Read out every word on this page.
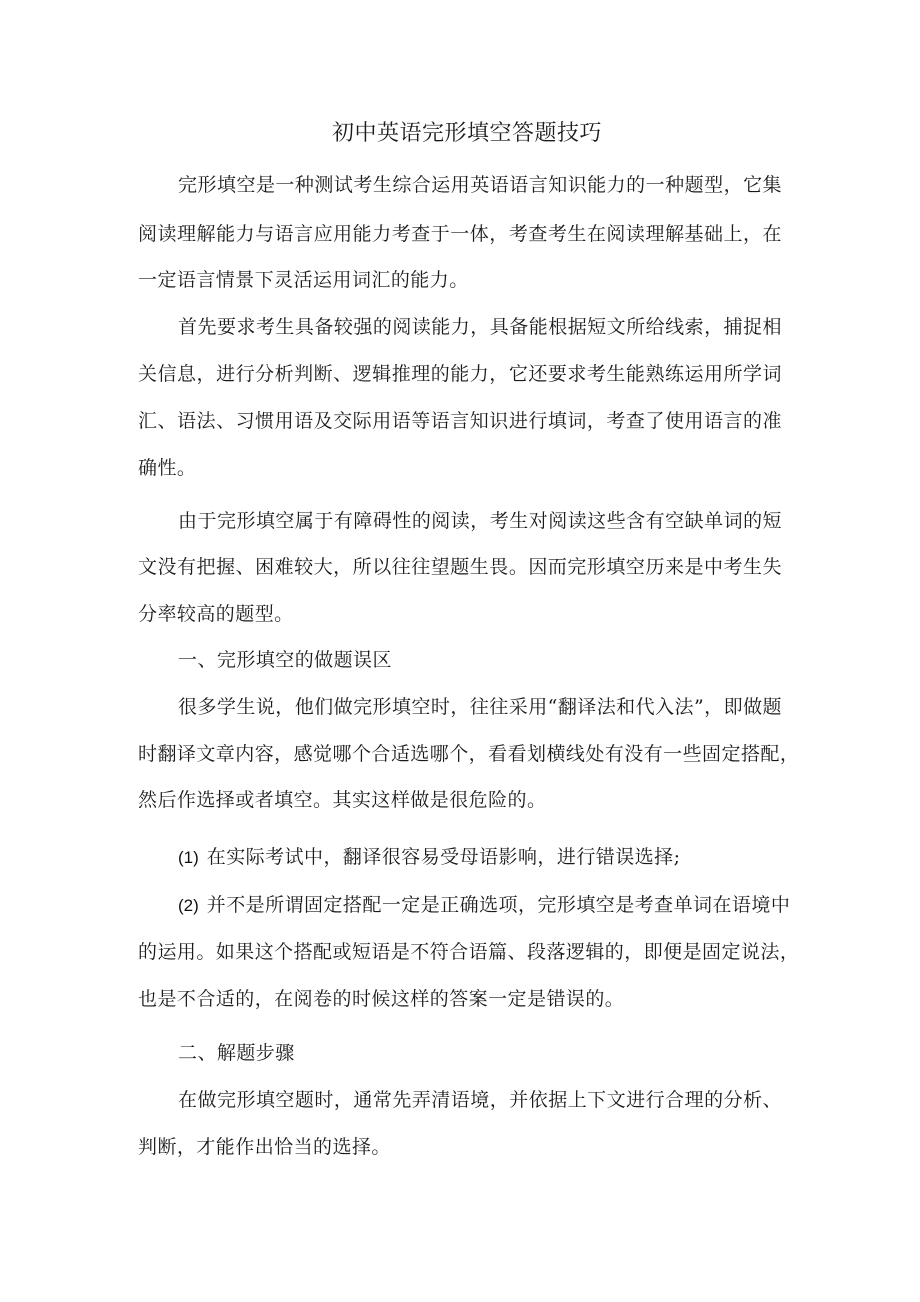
初中英语完形填空答题技巧
完形填空是一种测试考生综合运用英语语言知识能力的一种题型，它集
阅读理解能力与语言应用能力考查于一体，考查考生在阅读理解基础上，在
一定语言情景下灵活运用词汇的能力。
首先要求考生具备较强的阅读能力，具备能根据短文所给线索，捕捉相
关信息，进行分析判断、逻辑推理的能力，它还要求考生能熟练运用所学词
汇、语法、习惯用语及交际用语等语言知识进行填词，考查了使用语言的准
确性。
由于完形填空属于有障碍性的阅读，考生对阅读这些含有空缺单词的短
文没有把握、困难较大，所以往往望题生畏。因而完形填空历来是中考生失
分率较高的题型。
一、完形填空的做题误区
很多学生说，他们做完形填空时，往往采用“翻译法和代入法”，即做题
时翻译文章内容，感觉哪个合适选哪个，看看划横线处有没有一些固定搭配，
然后作选择或者填空。其实这样做是很危险的。
(1) 在实际考试中，翻译很容易受母语影响，进行错误选择;
(2) 并不是所谓固定搭配一定是正确选项，完形填空是考查单词在语境中
的运用。如果这个搭配或短语是不符合语篇、段落逻辑的，即便是固定说法，
也是不合适的，在阅卷的时候这样的答案一定是错误的。
二、解题步骤
在做完形填空题时，通常先弄清语境，并依据上下文进行合理的分析、
判断，才能作出恰当的选择。
